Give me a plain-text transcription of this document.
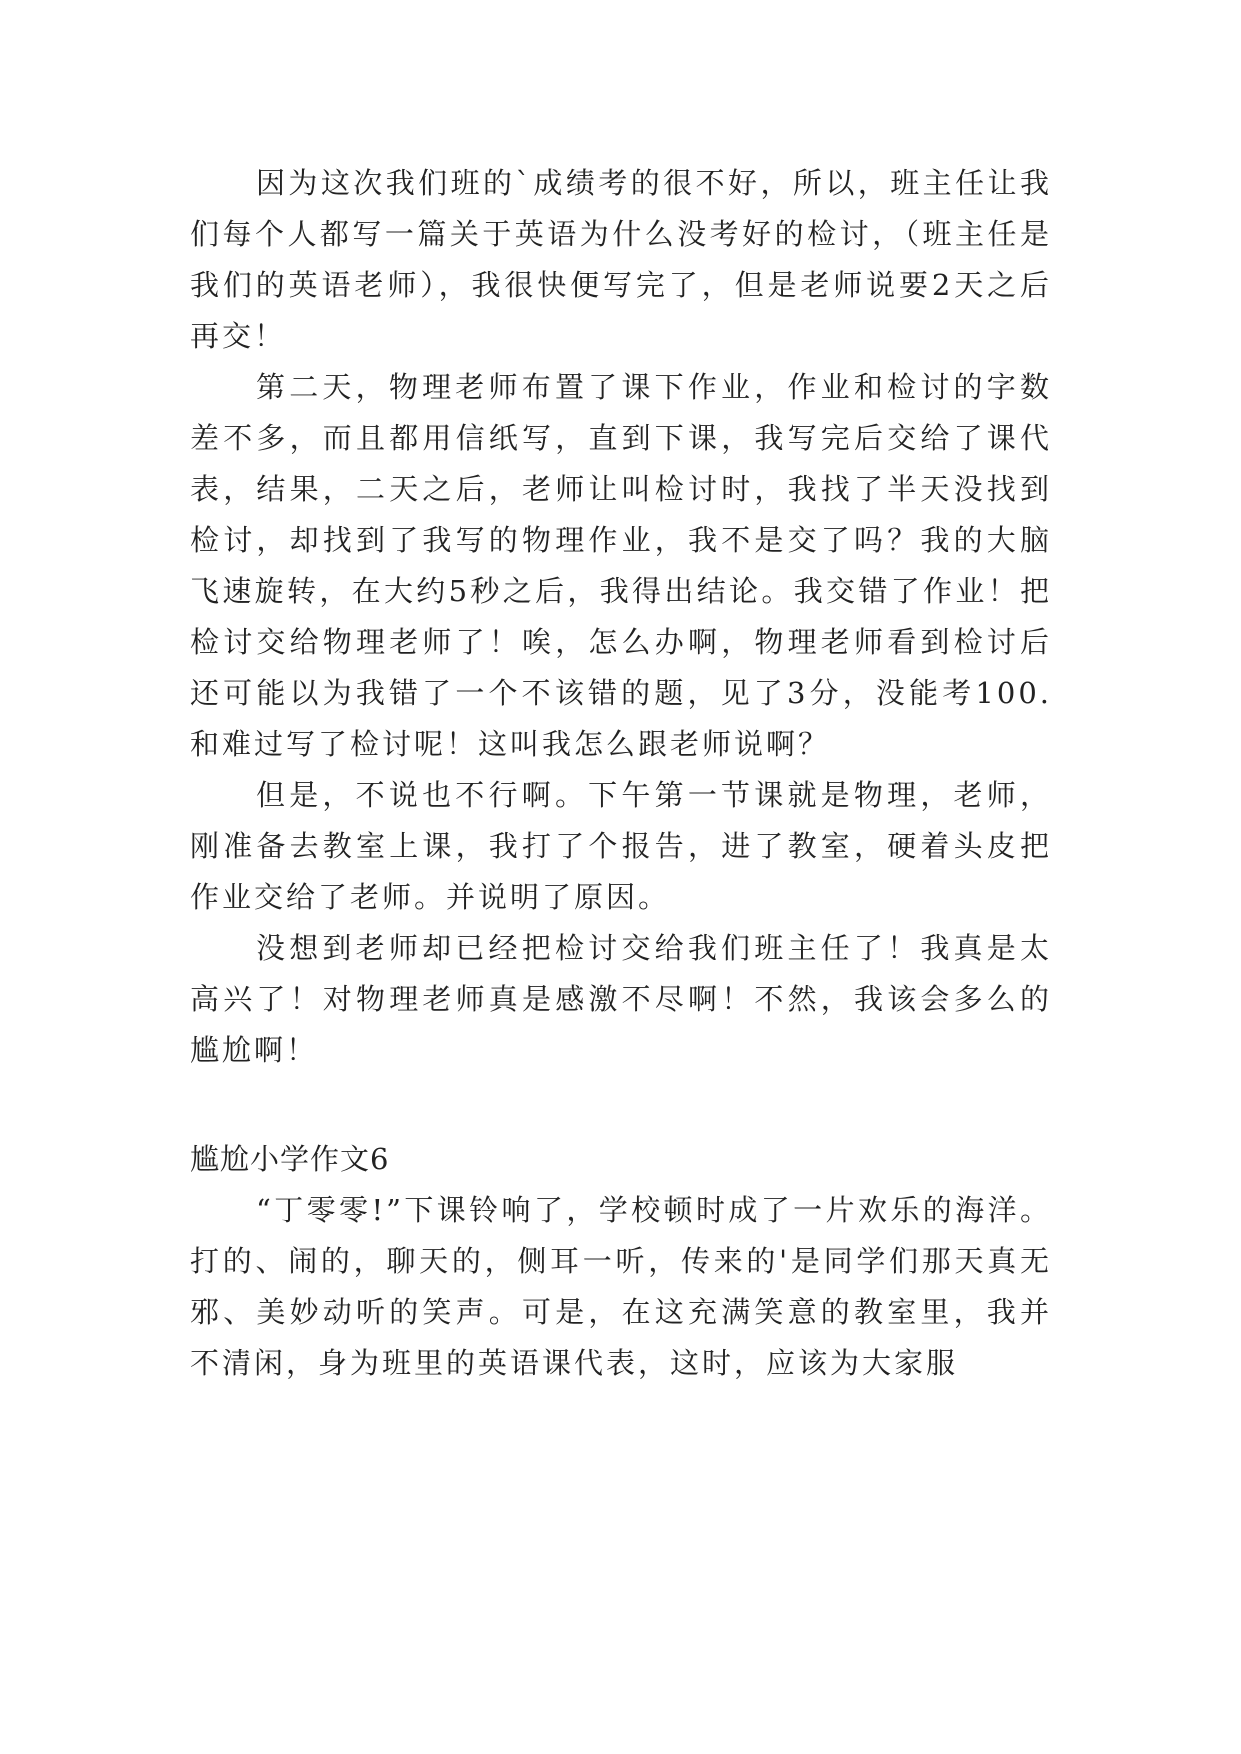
因为这次我们班的`成绩考的很不好，所以，班主任让我们每个人都写一篇关于英语为什么没考好的检讨，（班主任是我们的英语老师），我很快便写完了，但是老师说要2天之后再交！

第二天，物理老师布置了课下作业，作业和检讨的字数差不多，而且都用信纸写，直到下课，我写完后交给了课代表，结果，二天之后，老师让叫检讨时，我找了半天没找到检讨，却找到了我写的物理作业，我不是交了吗？我的大脑飞速旋转，在大约5秒之后，我得出结论。我交错了作业！把检讨交给物理老师了！唉，怎么办啊，物理老师看到检讨后还可能以为我错了一个不该错的题，见了3分，没能考100.和难过写了检讨呢！这叫我怎么跟老师说啊？

但是，不说也不行啊。下午第一节课就是物理，老师，刚准备去教室上课，我打了个报告，进了教室，硬着头皮把作业交给了老师。并说明了原因。

没想到老师却已经把检讨交给我们班主任了！我真是太高兴了！对物理老师真是感激不尽啊！不然，我该会多么的尴尬啊！

尴尬小学作文6

“丁零零!”下课铃响了，学校顿时成了一片欢乐的海洋。打的、闹的，聊天的，侧耳一听，传来的'是同学们那天真无邪、美妙动听的笑声。可是，在这充满笑意的教室里，我并不清闲，身为班里的英语课代表，这时，应该为大家服
